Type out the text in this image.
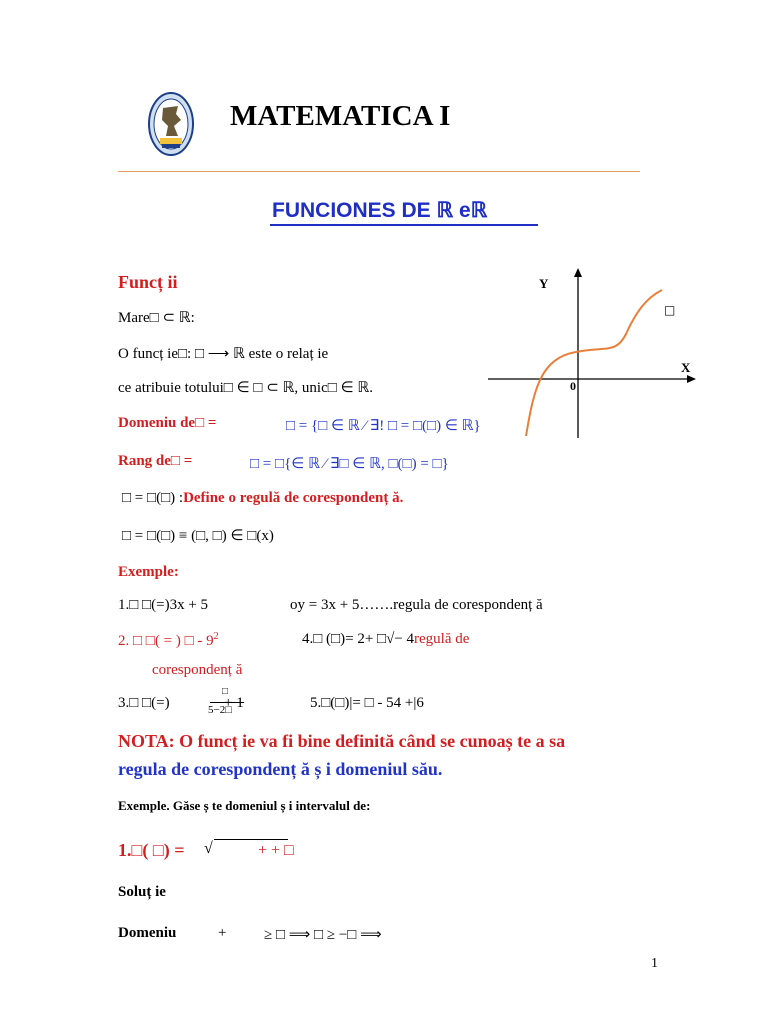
MATEMATICA I
FUNCIONES DE ℝ eℝ
Funcț ii
Mare□ ⊂ ℝ:
O funcț ie□: □ ⟶ ℝ este o relaț ie
ce atribuie totului□ ∈ □ ⊂ ℝ, unic□ ∈ ℝ.
Domeniu de□ =	□ = {□ ∈ ℝ ⁄ ∃! □ = □(□) ∈ ℝ}
Rang de□ =	□ = □{∈ ℝ ⁄ ∃□ ∈ ℝ, □(□) = □}
□ = □(□) :Define o regulă de corespondenț ă.
□ = □(□) ≡ (□, □) ∈ □(x)
Y
X
0
□
Exemple:
1.□ □(=)3x + 5	oy = 3x + 5…….regula de corespondenț ă
2. □ □( = ) □ - $9^2$	4.□ (□)= 2+ □√− 4regulă de
corespondenț ă
3.□ □(=)
□
5−2□
+ 1	5.□(□)|= □ - 54 +|6
NOTA: O funcț ie va fi bine definită când se cunoaș te a sa
regula de corespondenț ă ș i domeniul său.
Exemple. Găse ș te domeniul ș i intervalul de:
1.□( □) = √	+ + □
Soluț ie
Domeniu	+	≥ □ ⟹ □ ≥ −□ ⟹
1
